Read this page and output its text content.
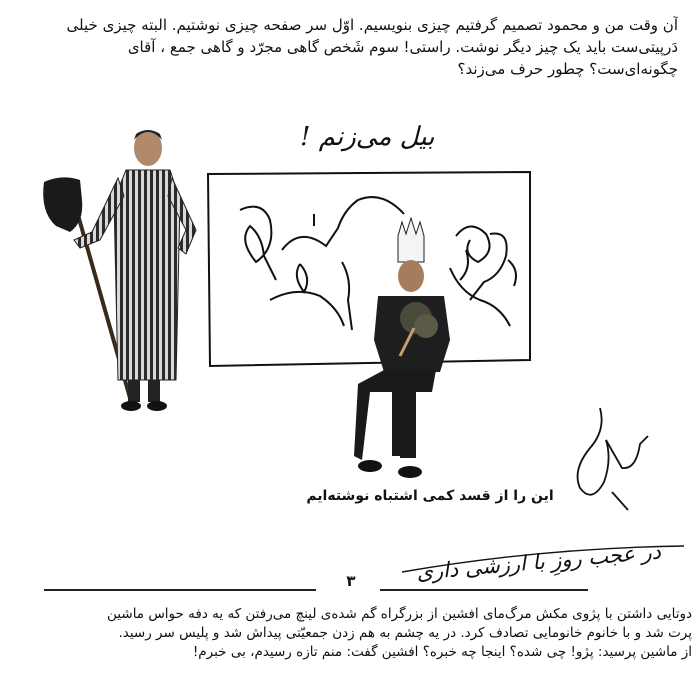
آن وقت من و محمود تصمیم گرفتیم چیزی بنویسیم. اوّل سر صفحه چیزی نوشتیم. البته چیزی خیلی
دَرپیتی‌ست باید یک چیز دیگر نوشت. راستی! سوم شَخص گاهی مجرّد و گاهی جمع ، آقای
چگونه‌ای‌ست؟ چطور حرف می‌زند؟
بیل می‌زنم !
این را از قسد کمی اشتباه نوشته‌ایم
در عجب روزِ با ارزشی داری
۳
دوتایی داشتن با پژوی مکش مرگ‌مای افشین از بزرگراه گم شده‌ی لینچ می‌رفتن که یه دفه حواس ماشین
پرت شد و با خانوم خانومایی تصادف کرد. در یه چشم به هم زدن جمعیّتی پیداش شد و پلیس سر رسید.
از ماشین پرسید: پژو! چی شده؟ اینجا چه خبره؟ افشین گفت: منم تازه رسیدم، بی خبرم!
